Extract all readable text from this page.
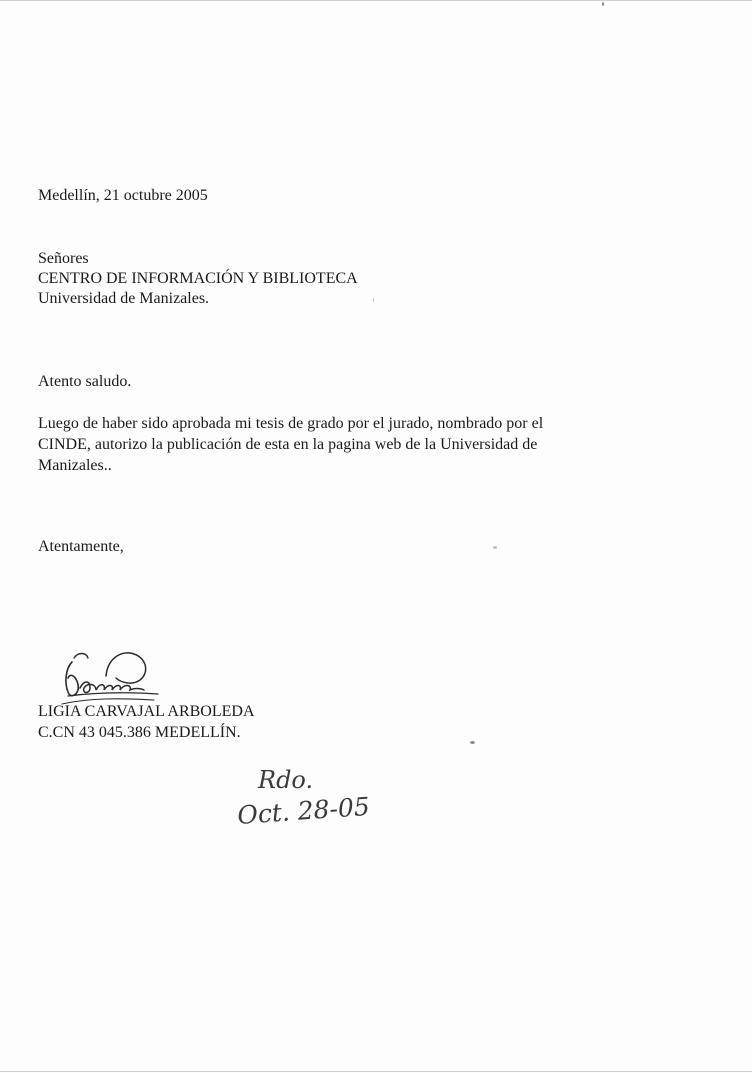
Medellín, 21 octubre 2005

Señores

CENTRO DE INFORMACIÓN Y BIBLIOTECA

Universidad de Manizales.

Atento saludo.

Luego de haber sido aprobada mi tesis de grado por el jurado, nombrado por el

CINDE, autorizo la publicación de esta en la pagina web de la Universidad de

Manizales..

Atentamente,

LIGIA CARVAJAL ARBOLEDA

C.CN 43 045.386 MEDELLÍN.

Rdo.
Oct. 28-05
